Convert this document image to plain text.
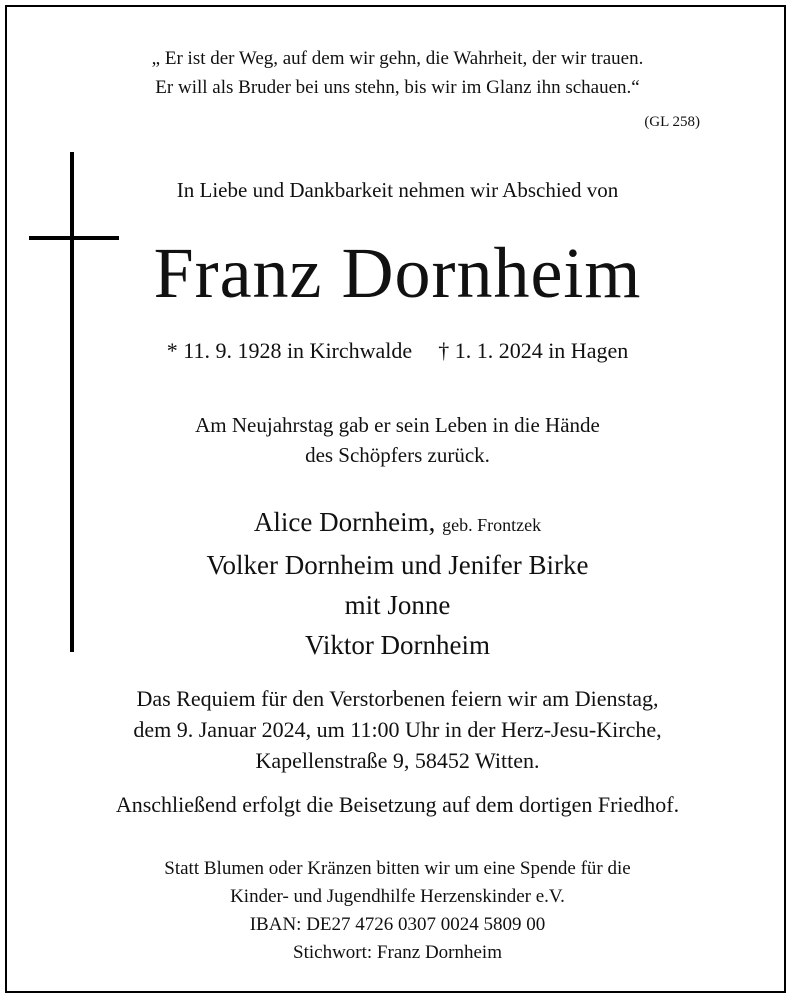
„ Er ist der Weg, auf dem wir gehn, die Wahrheit, der wir trauen.
Er will als Bruder bei uns stehn, bis wir im Glanz ihn schauen.“
(GL 258)
In Liebe und Dankbarkeit nehmen wir Abschied von
Franz Dornheim
* 11. 9. 1928 in Kirchwalde † 1. 1. 2024 in Hagen
Am Neujahrstag gab er sein Leben in die Hände
des Schöpfers zurück.
Alice Dornheim, geb. Frontzek
Volker Dornheim und Jenifer Birke
mit Jonne
Viktor Dornheim
Das Requiem für den Verstorbenen feiern wir am Dienstag,
dem 9. Januar 2024, um 11:00 Uhr in der Herz-Jesu-Kirche,
Kapellenstraße 9, 58452 Witten.
Anschließend erfolgt die Beisetzung auf dem dortigen Friedhof.
Statt Blumen oder Kränzen bitten wir um eine Spende für die
Kinder- und Jugendhilfe Herzenskinder e.V.
IBAN: DE27 4726 0307 0024 5809 00
Stichwort: Franz Dornheim
